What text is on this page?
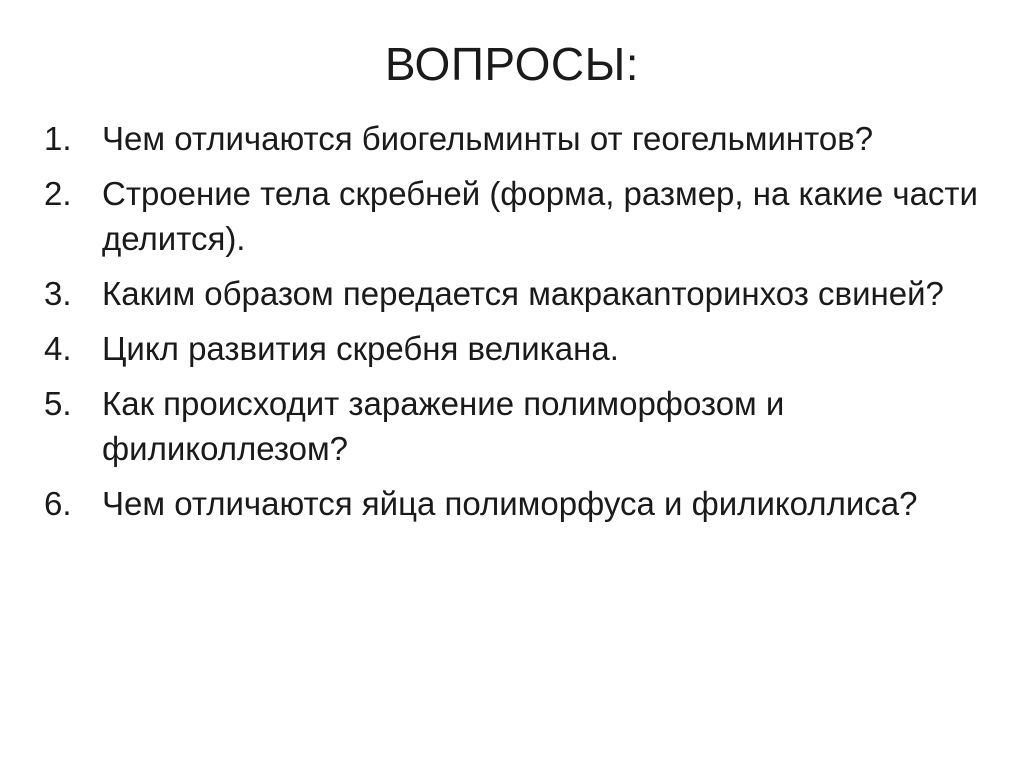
ВОПРОСЫ:
1. Чем отличаются биогельминты от геогельминтов?
2. Строение тела скребней (форма, размер, на какие части делится).
3. Каким образом передается макракanторинхоз свиней?
4. Цикл развития скребня великана.
5. Как происходит заражение полиморфозом и филиколлезом?
6. Чем отличаются яйца полиморфуса и филиколлиса?
